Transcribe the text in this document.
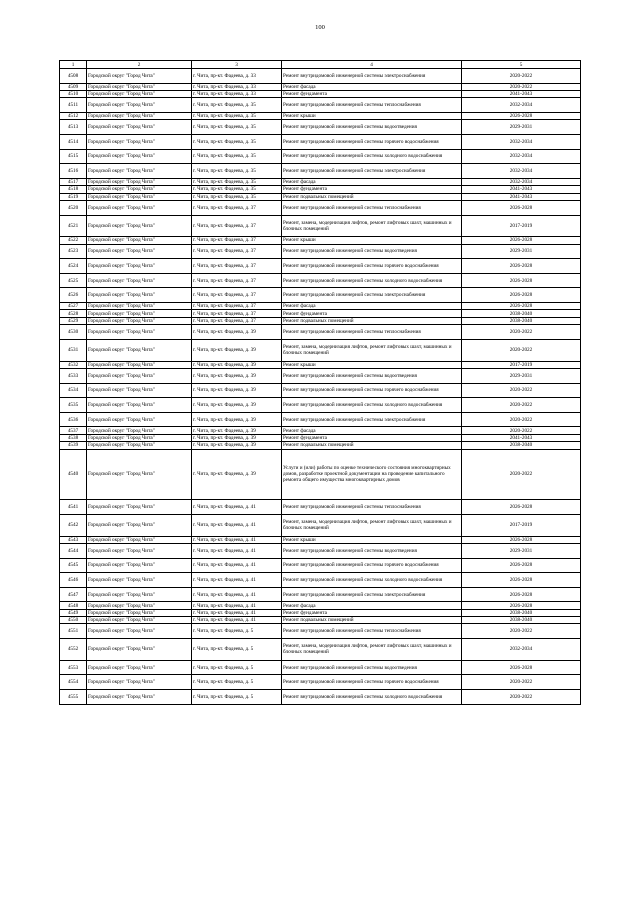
100
1	2	3	4	5
4508	Городской округ "Город Чита"	г. Чита, пр-кт. Фадеева, д. 33	Ремонт внутридомовой инженерной системы электроснабжения	2020-2022
4509	Городской округ "Город Чита"	г. Чита, пр-кт. Фадеева, д. 33	Ремонт фасада	2020-2022
4510	Городской округ "Город Чита"	г. Чита, пр-кт. Фадеева, д. 33	Ремонт фундамента	2041-2043
4511	Городской округ "Город Чита"	г. Чита, пр-кт. Фадеева, д. 35	Ремонт внутридомовой инженерной системы теплоснабжения	2032-2034
4512	Городской округ "Город Чита"	г. Чита, пр-кт. Фадеева, д. 35	Ремонт крыши	2026-2028
4513	Городской округ "Город Чита"	г. Чита, пр-кт. Фадеева, д. 35	Ремонт внутридомовой инженерной системы водоотведения	2029-2031
4514	Городской округ "Город Чита"	г. Чита, пр-кт. Фадеева, д. 35	Ремонт внутридомовой инженерной системы горячего водоснабжения	2032-2034
4515	Городской округ "Город Чита"	г. Чита, пр-кт. Фадеева, д. 35	Ремонт внутридомовой инженерной системы холодного водоснабжения	2032-2034
4516	Городской округ "Город Чита"	г. Чита, пр-кт. Фадеева, д. 35	Ремонт внутридомовой инженерной системы электроснабжения	2032-2034
4517	Городской округ "Город Чита"	г. Чита, пр-кт. Фадеева, д. 35	Ремонт фасада	2032-2034
4518	Городской округ "Город Чита"	г. Чита, пр-кт. Фадеева, д. 35	Ремонт фундамента	2041-2043
4519	Городской округ "Город Чита"	г. Чита, пр-кт. Фадеева, д. 35	Ремонт подвальных помещений	2041-2043
4520	Городской округ "Город Чита"	г. Чита, пр-кт. Фадеева, д. 37	Ремонт внутридомовой инженерной системы теплоснабжения	2026-2028
4521	Городской округ "Город Чита"	г. Чита, пр-кт. Фадеева, д. 37	Ремонт, замена, модернизация лифтов, ремонт лифтовых шахт, машинных и блочных помещений	2017-2019
4522	Городской округ "Город Чита"	г. Чита, пр-кт. Фадеева, д. 37	Ремонт крыши	2026-2028
4523	Городской округ "Город Чита"	г. Чита, пр-кт. Фадеева, д. 37	Ремонт внутридомовой инженерной системы водоотведения	2029-2031
4524	Городской округ "Город Чита"	г. Чита, пр-кт. Фадеева, д. 37	Ремонт внутридомовой инженерной системы горячего водоснабжения	2026-2028
4525	Городской округ "Город Чита"	г. Чита, пр-кт. Фадеева, д. 37	Ремонт внутридомовой инженерной системы холодного водоснабжения	2026-2028
4526	Городской округ "Город Чита"	г. Чита, пр-кт. Фадеева, д. 37	Ремонт внутридомовой инженерной системы электроснабжения	2026-2028
4527	Городской округ "Город Чита"	г. Чита, пр-кт. Фадеева, д. 37	Ремонт фасада	2026-2028
4528	Городской округ "Город Чита"	г. Чита, пр-кт. Фадеева, д. 37	Ремонт фундамента	2038-2040
4529	Городской округ "Город Чита"	г. Чита, пр-кт. Фадеева, д. 37	Ремонт подвальных помещений	2038-2040
4530	Городской округ "Город Чита"	г. Чита, пр-кт. Фадеева, д. 39	Ремонт внутридомовой инженерной системы теплоснабжения	2020-2022
4531	Городской округ "Город Чита"	г. Чита, пр-кт. Фадеева, д. 39	Ремонт, замена, модернизация лифтов, ремонт лифтовых шахт, машинных и блочных помещений	2020-2022
4532	Городской округ "Город Чита"	г. Чита, пр-кт. Фадеева, д. 39	Ремонт крыши	2017-2019
4533	Городской округ "Город Чита"	г. Чита, пр-кт. Фадеева, д. 39	Ремонт внутридомовой инженерной системы водоотведения	2029-2031
4534	Городской округ "Город Чита"	г. Чита, пр-кт. Фадеева, д. 39	Ремонт внутридомовой инженерной системы горячего водоснабжения	2020-2022
4535	Городской округ "Город Чита"	г. Чита, пр-кт. Фадеева, д. 39	Ремонт внутридомовой инженерной системы холодного водоснабжения	2020-2022
4536	Городской округ "Город Чита"	г. Чита, пр-кт. Фадеева, д. 39	Ремонт внутридомовой инженерной системы электроснабжения	2020-2022
4537	Городской округ "Город Чита"	г. Чита, пр-кт. Фадеева, д. 39	Ремонт фасада	2020-2022
4538	Городской округ "Город Чита"	г. Чита, пр-кт. Фадеева, д. 39	Ремонт фундамента	2041-2043
4539	Городской округ "Город Чита"	г. Чита, пр-кт. Фадеева, д. 39	Ремонт подвальных помещений	2038-2040
4540	Городской округ "Город Чита"	г. Чита, пр-кт. Фадеева, д. 39	Услуги и (или) работы по оценке технического состояния многоквартирных домов, разработке проектной документации на проведение капитального ремонта общего имущества многоквартирных домов	2020-2022
4541	Городской округ "Город Чита"	г. Чита, пр-кт. Фадеева, д. 41	Ремонт внутридомовой инженерной системы теплоснабжения	2026-2028
4542	Городской округ "Город Чита"	г. Чита, пр-кт. Фадеева, д. 41	Ремонт, замена, модернизация лифтов, ремонт лифтовых шахт, машинных и блочных помещений	2017-2019
4543	Городской округ "Город Чита"	г. Чита, пр-кт. Фадеева, д. 41	Ремонт крыши	2026-2028
4544	Городской округ "Город Чита"	г. Чита, пр-кт. Фадеева, д. 41	Ремонт внутридомовой инженерной системы водоотведения	2029-2031
4545	Городской округ "Город Чита"	г. Чита, пр-кт. Фадеева, д. 41	Ремонт внутридомовой инженерной системы горячего водоснабжения	2026-2028
4546	Городской округ "Город Чита"	г. Чита, пр-кт. Фадеева, д. 41	Ремонт внутридомовой инженерной системы холодного водоснабжения	2026-2028
4547	Городской округ "Город Чита"	г. Чита, пр-кт. Фадеева, д. 41	Ремонт внутридомовой инженерной системы электроснабжения	2026-2028
4548	Городской округ "Город Чита"	г. Чита, пр-кт. Фадеева, д. 41	Ремонт фасада	2026-2028
4549	Городской округ "Город Чита"	г. Чита, пр-кт. Фадеева, д. 41	Ремонт фундамента	2038-2040
4550	Городской округ "Город Чита"	г. Чита, пр-кт. Фадеева, д. 41	Ремонт подвальных помещений	2038-2040
4551	Городской округ "Город Чита"	г. Чита, пр-кт. Фадеева, д. 5	Ремонт внутридомовой инженерной системы теплоснабжения	2020-2022
4552	Городской округ "Город Чита"	г. Чита, пр-кт. Фадеева, д. 5	Ремонт, замена, модернизация лифтов, ремонт лифтовых шахт, машинных и блочных помещений	2032-2034
4553	Городской округ "Город Чита"	г. Чита, пр-кт. Фадеева, д. 5	Ремонт внутридомовой инженерной системы водоотведения	2026-2028
4554	Городской округ "Город Чита"	г. Чита, пр-кт. Фадеева, д. 5	Ремонт внутридомовой инженерной системы горячего водоснабжения	2020-2022
4555	Городской округ "Город Чита"	г. Чита, пр-кт. Фадеева, д. 5	Ремонт внутридомовой инженерной системы холодного водоснабжения	2020-2022
